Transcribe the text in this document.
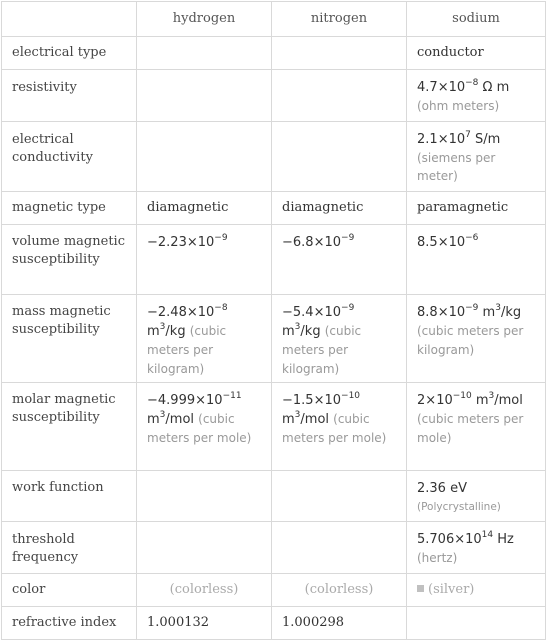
	hydrogen	nitrogen	sodium
electrical type			conductor
resistivity			$4.7\times 10^{-8}$ Ω m
(ohm meters)

electrical conductivity			$2.1\times 10^7$ S/m
(siemens per meter)

magnetic type	diamagnetic	diamagnetic	paramagnetic
volume magnetic susceptibility	$-2.23\times 10^{-9}$	$-6.8\times 10^{-9}$	$8.5\times 10^{-6}$
mass magnetic susceptibility	$-2.48\times 10^{-8}$ $m^3/kg$ (cubic meters per kilogram)	$-5.4\times 10^{-9}$ $m^3/kg$ (cubic meters per kilogram)	$8.8\times 10^{-9}$ $m^3/kg$ (cubic meters per kilogram)
molar magnetic susceptibility	$-4.999\times 10^{-11}$ $m^3$/mol (cubic meters per mole)	$-1.5\times 10^{-10}$ $m^3$/mol (cubic meters per mole)	$2\times 10^{-10}$ $m^3$/mol (cubic meters per mole)
work function			2.36 eV
(Polycrystalline)

threshold frequency			$5.706\times 10^{14}$ Hz
(hertz)

color	(colorless)	(colorless)	(silver)
refractive index	1.000132	1.000298	
